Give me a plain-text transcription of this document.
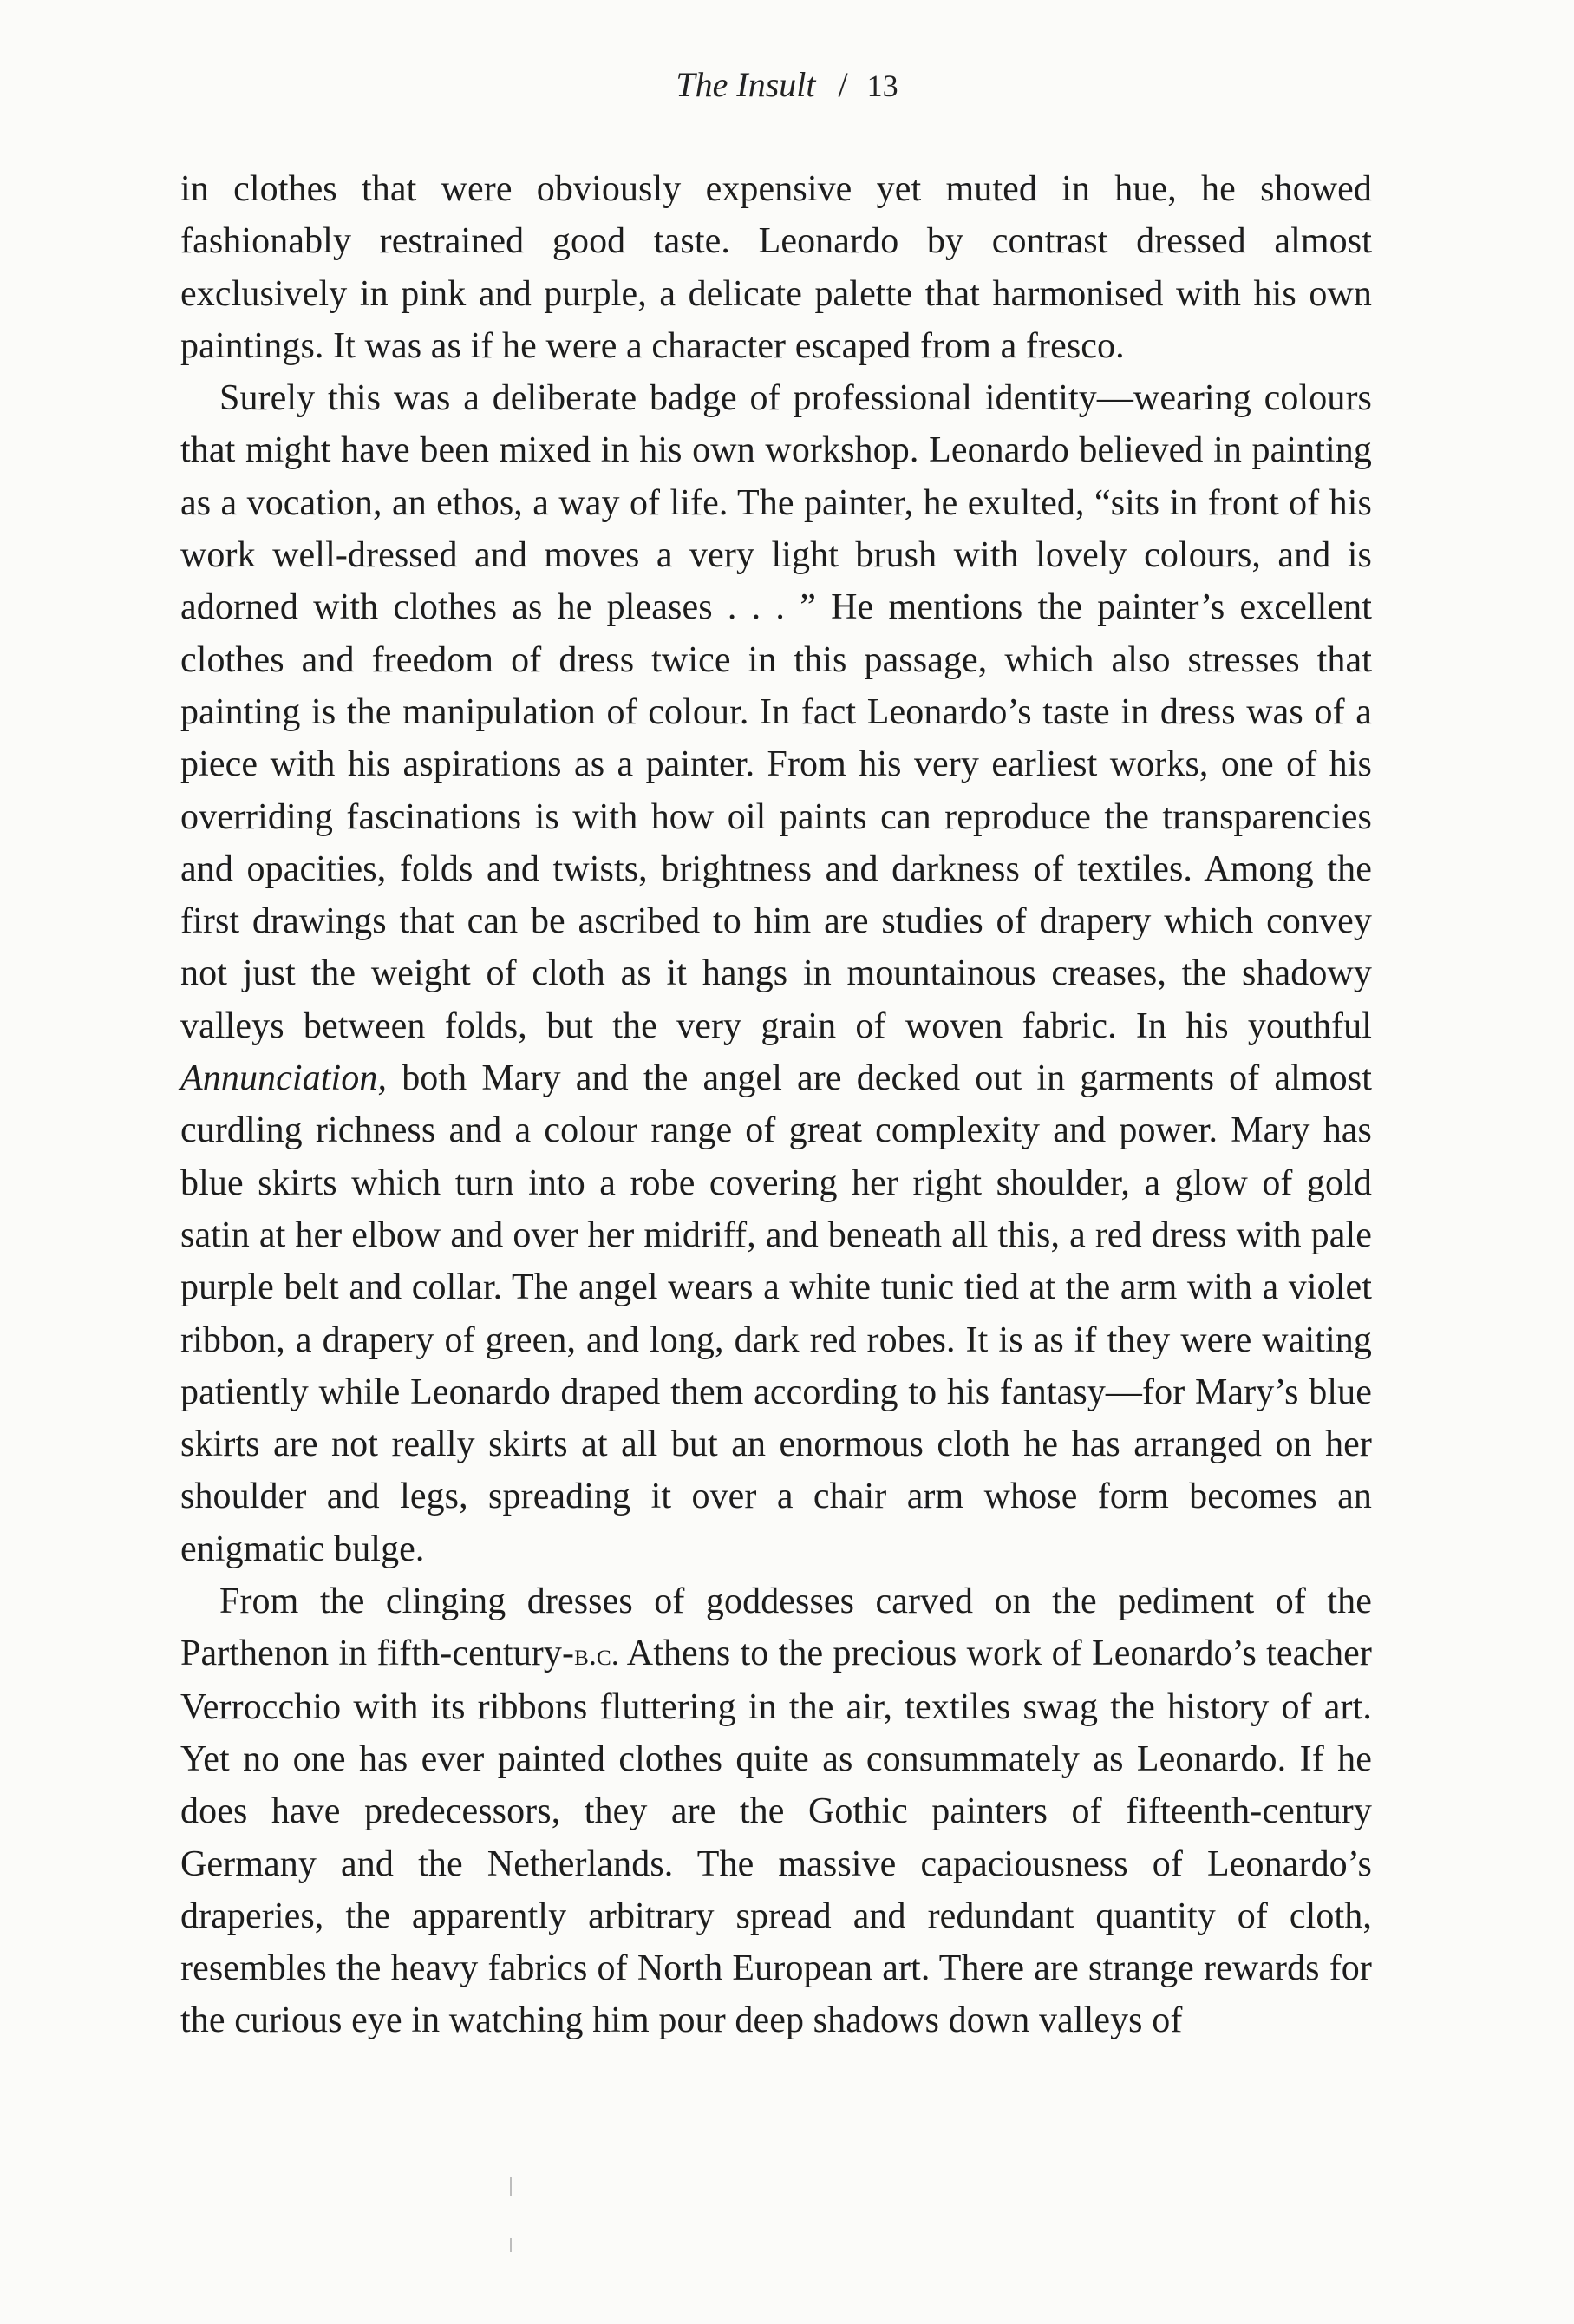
The Insult / 13

in clothes that were obviously expensive yet muted in hue, he showed fashionably restrained good taste. Leonardo by contrast dressed almost exclusively in pink and purple, a delicate palette that harmonised with his own paintings. It was as if he were a character escaped from a fresco.

Surely this was a deliberate badge of professional identity—wearing colours that might have been mixed in his own workshop. Leonardo believed in painting as a vocation, an ethos, a way of life. The painter, he exulted, “sits in front of his work well-dressed and moves a very light brush with lovely colours, and is adorned with clothes as he pleases . . . ” He mentions the painter’s excellent clothes and freedom of dress twice in this passage, which also stresses that painting is the manipulation of colour. In fact Leonardo’s taste in dress was of a piece with his aspirations as a painter. From his very earliest works, one of his overriding fascinations is with how oil paints can reproduce the transparencies and opacities, folds and twists, brightness and darkness of textiles. Among the first drawings that can be ascribed to him are studies of drapery which convey not just the weight of cloth as it hangs in mountainous creases, the shadowy valleys between folds, but the very grain of woven fabric. In his youthful Annunciation, both Mary and the angel are decked out in garments of almost curdling richness and a colour range of great complexity and power. Mary has blue skirts which turn into a robe covering her right shoulder, a glow of gold satin at her elbow and over her midriff, and beneath all this, a red dress with pale purple belt and collar. The angel wears a white tunic tied at the arm with a violet ribbon, a drapery of green, and long, dark red robes. It is as if they were waiting patiently while Leonardo draped them according to his fantasy—for Mary’s blue skirts are not really skirts at all but an enormous cloth he has arranged on her shoulder and legs, spreading it over a chair arm whose form becomes an enigmatic bulge.

From the clinging dresses of goddesses carved on the pediment of the Parthenon in fifth-century-b.c. Athens to the precious work of Leonardo’s teacher Verrocchio with its ribbons fluttering in the air, textiles swag the history of art. Yet no one has ever painted clothes quite as consummately as Leonardo. If he does have predecessors, they are the Gothic painters of fifteenth-century Germany and the Netherlands. The massive capaciousness of Leonardo’s draperies, the apparently arbitrary spread and redundant quantity of cloth, resembles the heavy fabrics of North European art. There are strange rewards for the curious eye in watching him pour deep shadows down valleys of
